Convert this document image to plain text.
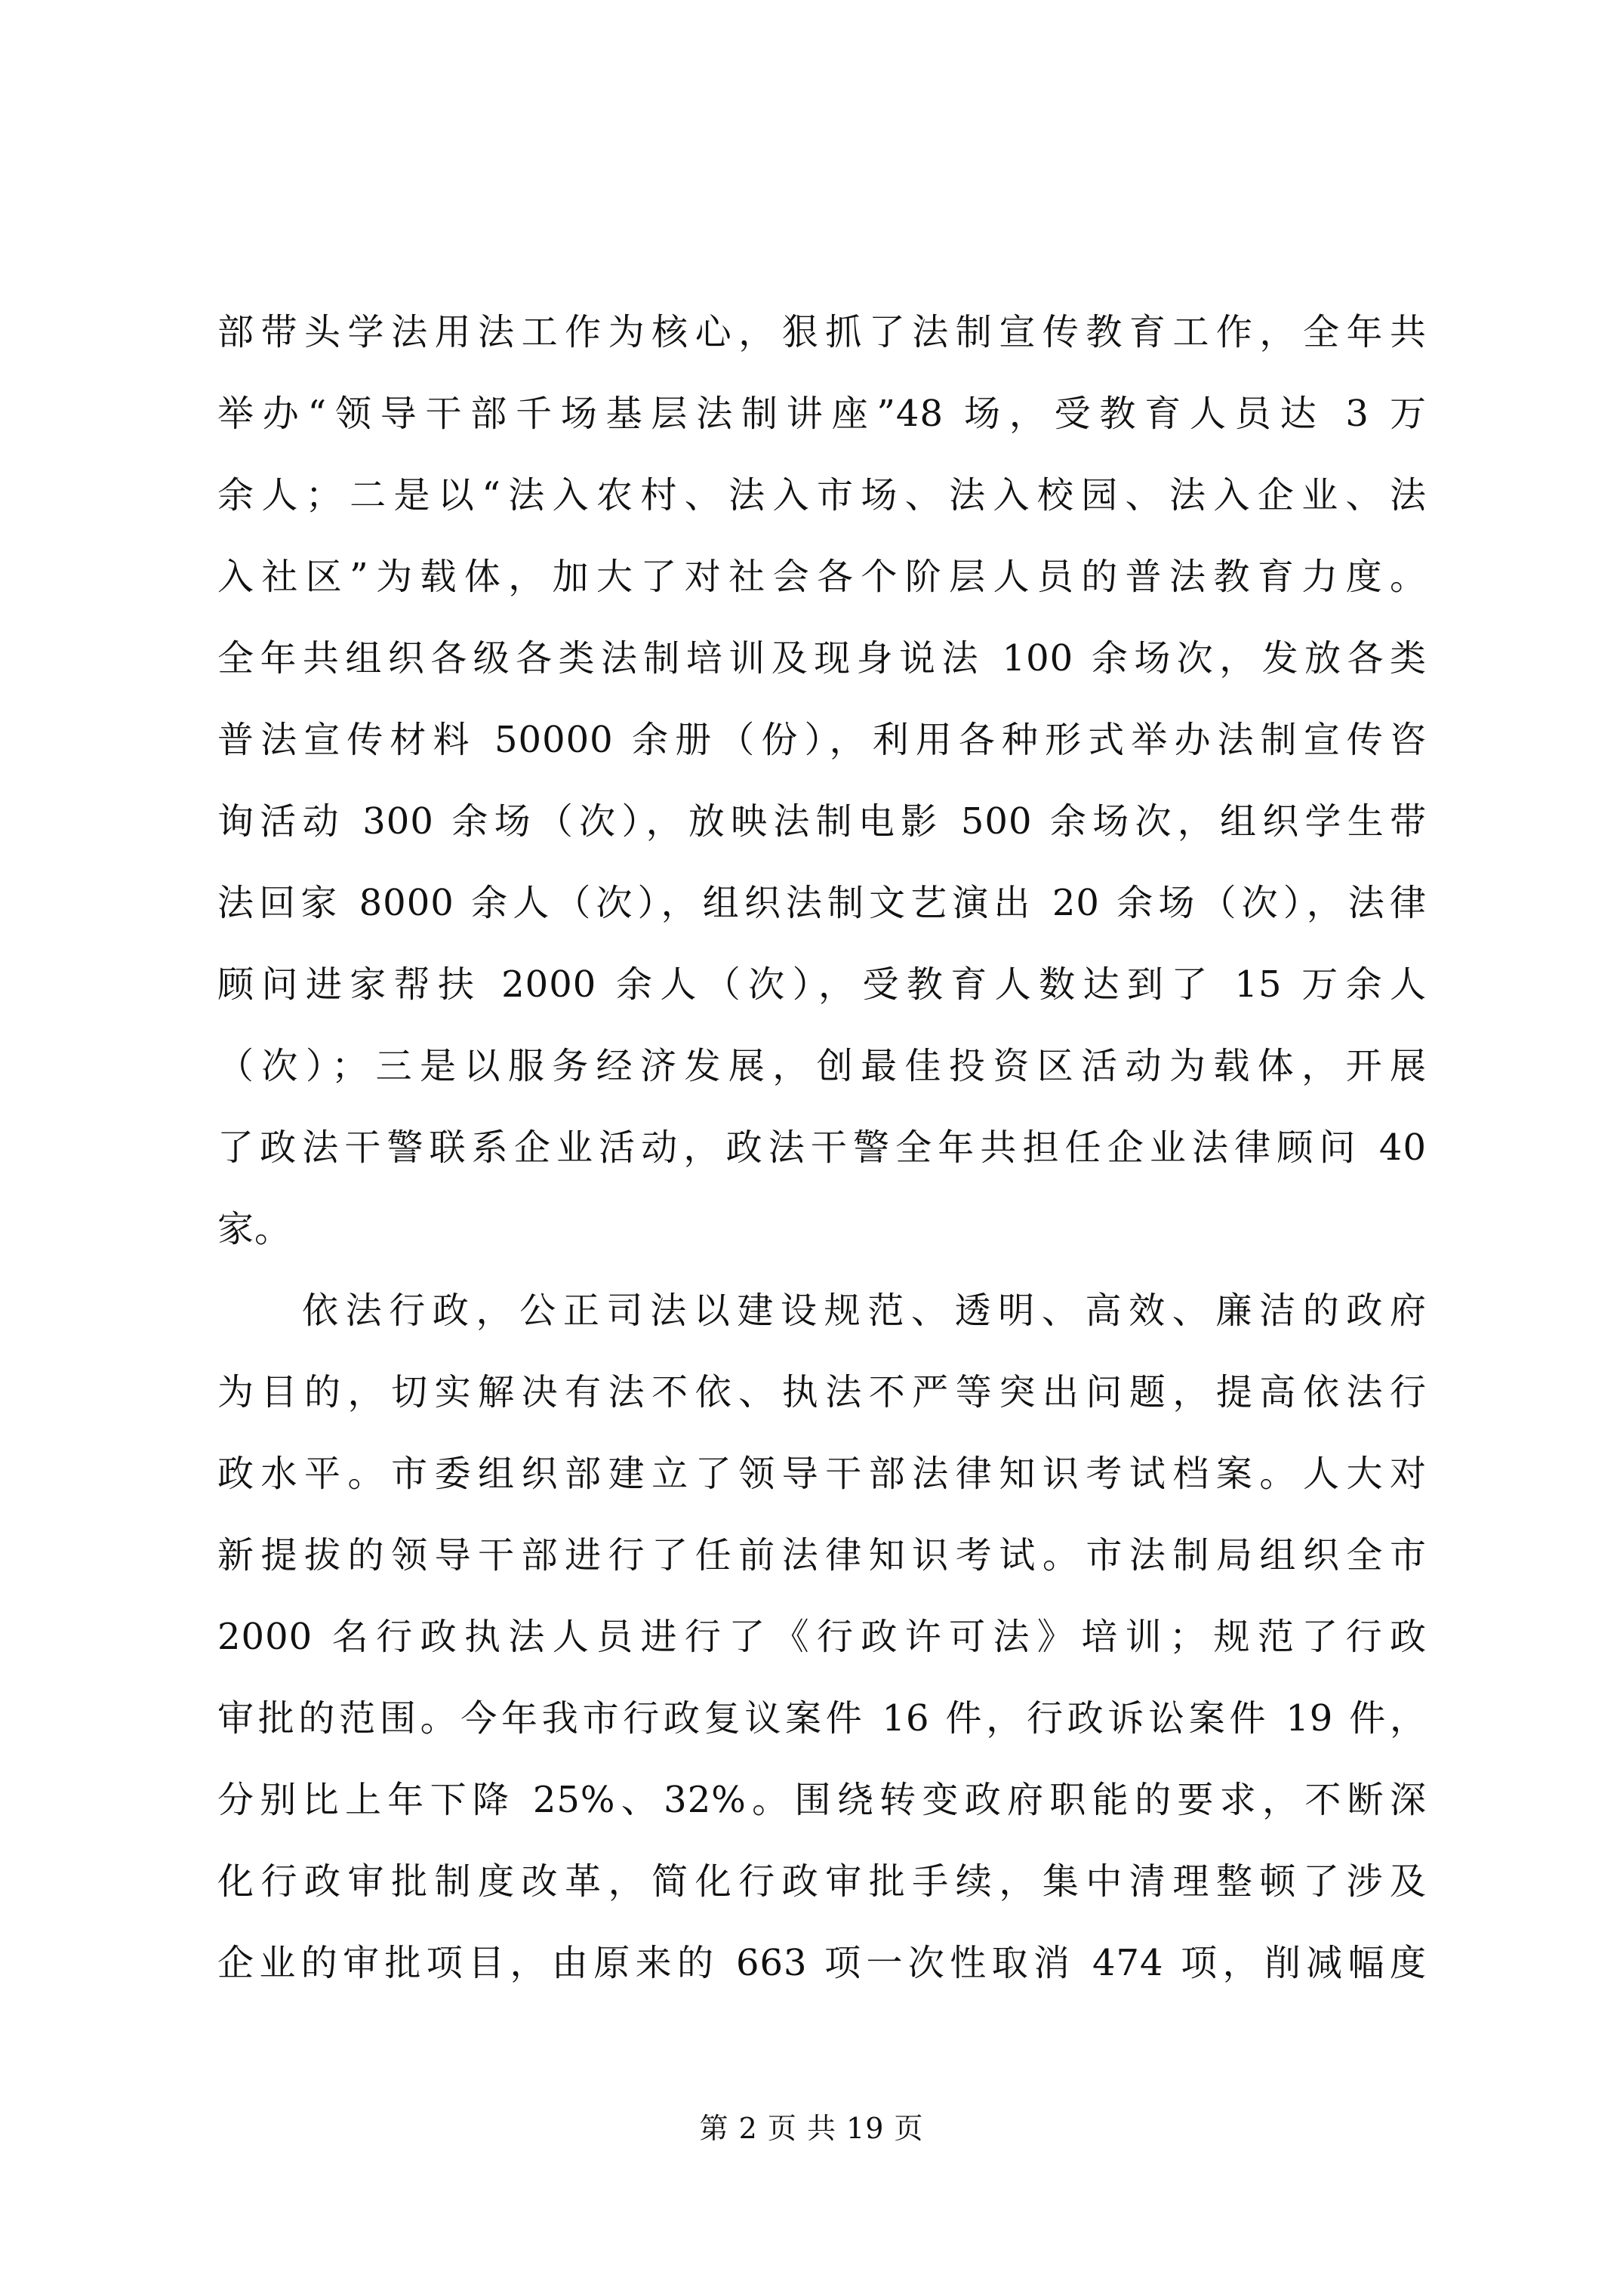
部带头学法用法工作为核心，狠抓了法制宣传教育工作，全年共
举办“领导干部千场基层法制讲座”48 场，受教育人员达 3 万
余人；二是以“法入农村、法入市场、法入校园、法入企业、法
入社区”为载体，加大了对社会各个阶层人员的普法教育力度。
全年共组织各级各类法制培训及现身说法 100 余场次，发放各类
普法宣传材料 50000 余册（份），利用各种形式举办法制宣传咨
询活动 300 余场（次），放映法制电影 500 余场次，组织学生带
法回家 8000 余人（次），组织法制文艺演出 20 余场（次），法律
顾问进家帮扶 2000 余人（次），受教育人数达到了 15 万余人
（次）；三是以服务经济发展，创最佳投资区活动为载体，开展
了政法干警联系企业活动，政法干警全年共担任企业法律顾问 40
家。
依法行政，公正司法以建设规范、透明、高效、廉洁的政府
为目的，切实解决有法不依、执法不严等突出问题，提高依法行
政水平。市委组织部建立了领导干部法律知识考试档案。人大对
新提拔的领导干部进行了任前法律知识考试。市法制局组织全市
2000 名行政执法人员进行了《行政许可法》培训；规范了行政
审批的范围。今年我市行政复议案件 16 件，行政诉讼案件 19 件，
分别比上年下降 25%、32%。围绕转变政府职能的要求，不断深
化行政审批制度改革，简化行政审批手续，集中清理整顿了涉及
企业的审批项目，由原来的 663 项一次性取消 474 项，削减幅度
第 2 页 共 19 页
